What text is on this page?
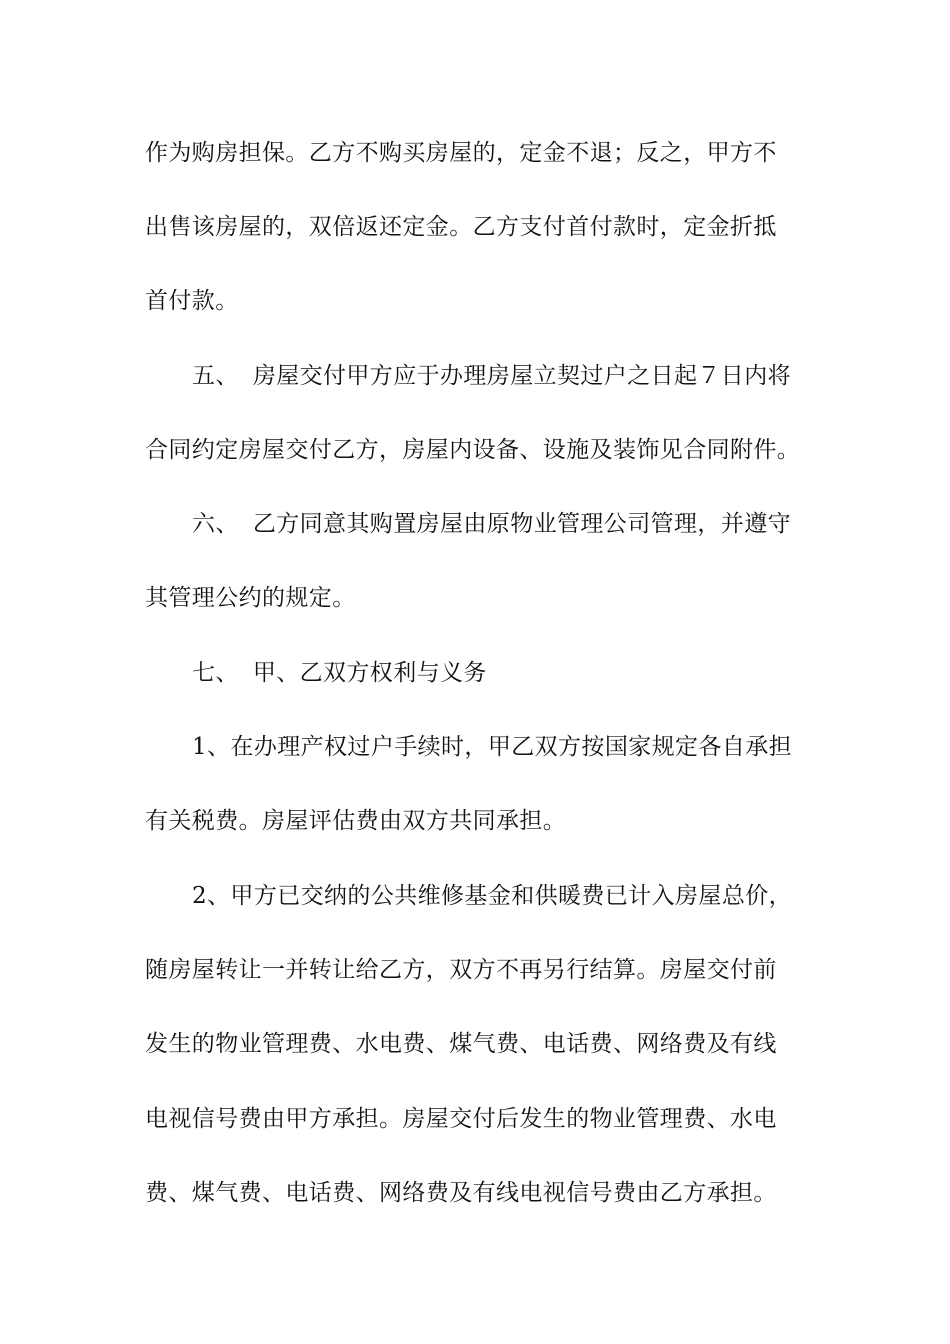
作为购房担保。乙方不购买房屋的，定金不退；反之，甲方不
出售该房屋的，双倍返还定金。乙方支付首付款时，定金折抵
首付款。
五、 房屋交付甲方应于办理房屋立契过户之日起７日内将
合同约定房屋交付乙方，房屋内设备、设施及装饰见合同附件。
六、 乙方同意其购置房屋由原物业管理公司管理，并遵守
其管理公约的规定。
七、 甲、乙双方权利与义务
1、在办理产权过户手续时，甲乙双方按国家规定各自承担
有关税费。房屋评估费由双方共同承担。
2、甲方已交纳的公共维修基金和供暖费已计入房屋总价，
随房屋转让一并转让给乙方，双方不再另行结算。房屋交付前
发生的物业管理费、水电费、煤气费、电话费、网络费及有线
电视信号费由甲方承担。房屋交付后发生的物业管理费、水电
费、煤气费、电话费、网络费及有线电视信号费由乙方承担。
